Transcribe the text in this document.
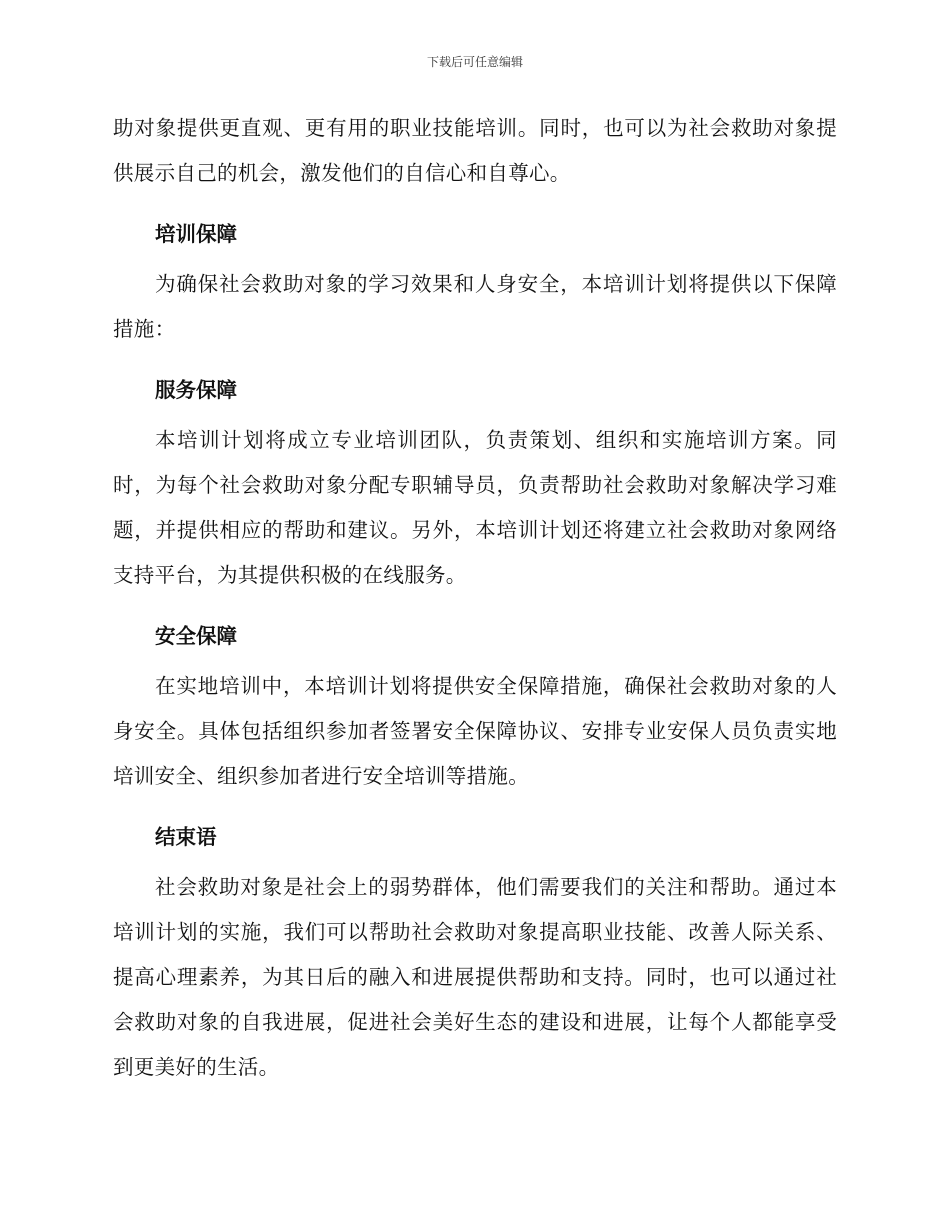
下载后可任意编辑

助对象提供更直观、更有用的职业技能培训。同时，也可以为社会救助对象提供展示自己的机会，激发他们的自信心和自尊心。

培训保障

为确保社会救助对象的学习效果和人身安全，本培训计划将提供以下保障措施：

服务保障

本培训计划将成立专业培训团队，负责策划、组织和实施培训方案。同时，为每个社会救助对象分配专职辅导员，负责帮助社会救助对象解决学习难题，并提供相应的帮助和建议。另外，本培训计划还将建立社会救助对象网络支持平台，为其提供积极的在线服务。

安全保障

在实地培训中，本培训计划将提供安全保障措施，确保社会救助对象的人身安全。具体包括组织参加者签署安全保障协议、安排专业安保人员负责实地培训安全、组织参加者进行安全培训等措施。

结束语

社会救助对象是社会上的弱势群体，他们需要我们的关注和帮助。通过本培训计划的实施，我们可以帮助社会救助对象提高职业技能、改善人际关系、提高心理素养，为其日后的融入和进展提供帮助和支持。同时，也可以通过社会救助对象的自我进展，促进社会美好生态的建设和进展，让每个人都能享受到更美好的生活。
